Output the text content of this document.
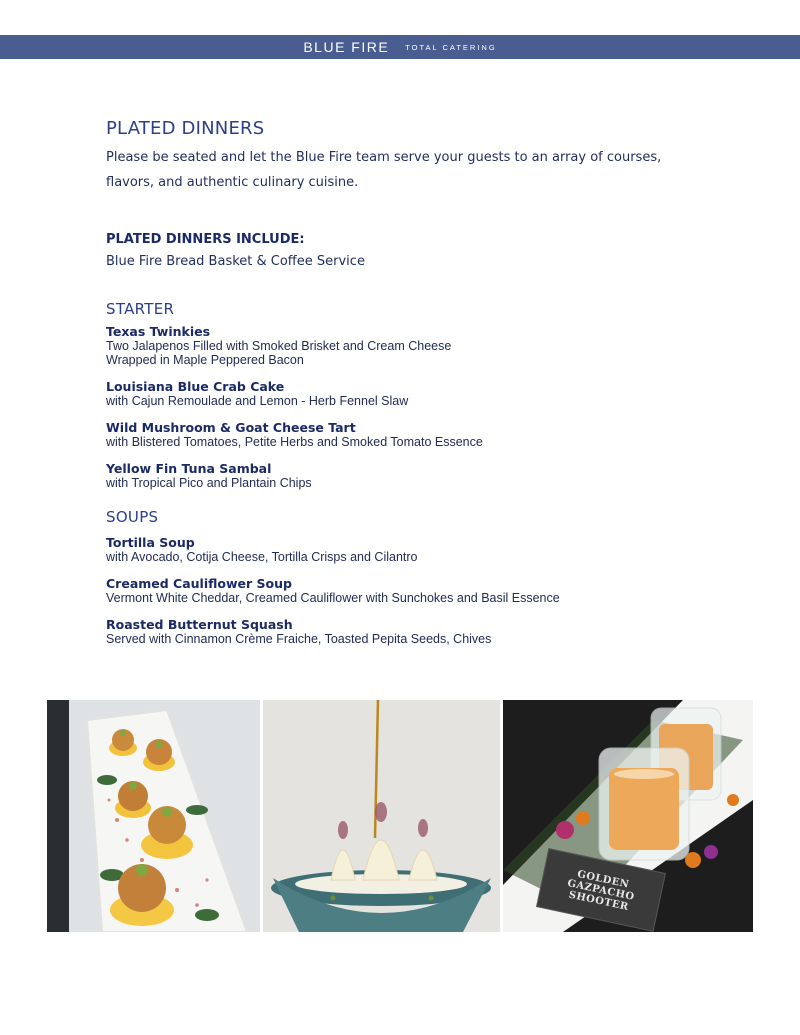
BLUE FIRE TOTAL CATERING
PLATED DINNERS

Please be seated and let the Blue Fire team serve your guests to an array of courses, flavors, and authentic culinary cuisine.

PLATED DINNERS INCLUDE:

Blue Fire Bread Basket & Coffee Service

STARTER
Texas Twinkies
Two Jalapenos Filled with Smoked Brisket and Cream Cheese
Wrapped in Maple Peppered Bacon
Louisiana Blue Crab Cake
with Cajun Remoulade and Lemon - Herb Fennel Slaw
Wild Mushroom & Goat Cheese Tart
with Blistered Tomatoes, Petite Herbs and Smoked Tomato Essence
Yellow Fin Tuna Sambal
with Tropical Pico and Plantain Chips
SOUPS
Tortilla Soup
with Avocado, Cotija Cheese, Tortilla Crisps and Cilantro
Creamed Cauliflower Soup
Vermont White Cheddar, Creamed Cauliflower with Sunchokes and Basil Essence
Roasted Butternut Squash
Served with Cinnamon Crème Fraiche, Toasted Pepita Seeds, Chives
GOLDEN GAZPACHO SHOOTER
